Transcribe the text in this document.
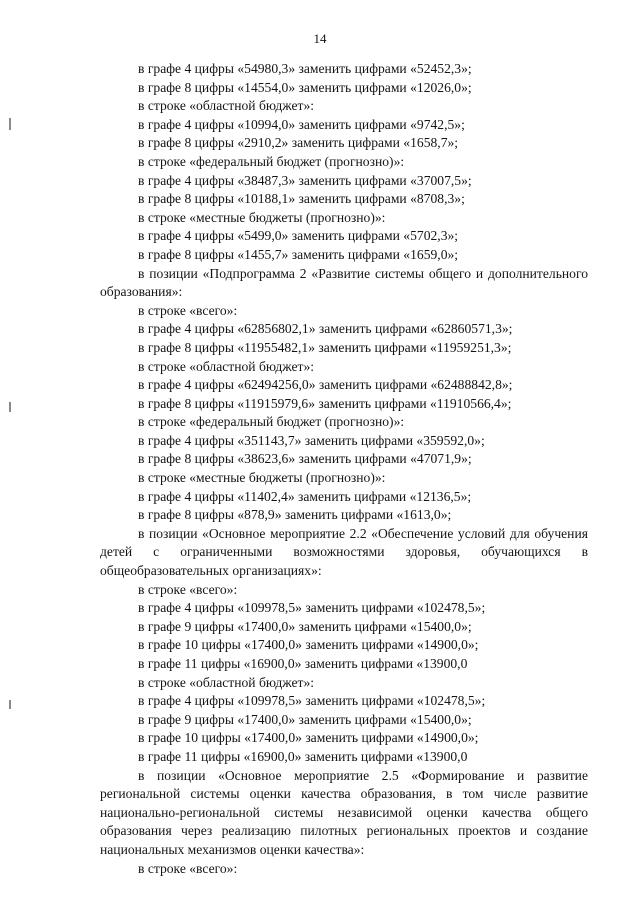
14

в графе 4 цифры «54980,3» заменить цифрами «52452,3»;

в графе 8 цифры «14554,0» заменить цифрами «12026,0»;

в строке «областной бюджет»:

в графе 4 цифры «10994,0» заменить цифрами «9742,5»;

в графе 8 цифры «2910,2» заменить цифрами «1658,7»;

в строке «федеральный бюджет (прогнозно)»:

в графе 4 цифры «38487,3» заменить цифрами «37007,5»;

в графе 8 цифры «10188,1» заменить цифрами «8708,3»;

в строке «местные бюджеты (прогнозно)»:

в графе 4 цифры «5499,0» заменить цифрами «5702,3»;

в графе 8 цифры «1455,7» заменить цифрами «1659,0»;

в позиции «Подпрограмма 2 «Развитие системы общего и дополнительного образования»:

в строке «всего»:

в графе 4 цифры «62856802,1» заменить цифрами «62860571,3»;

в графе 8 цифры «11955482,1» заменить цифрами «11959251,3»;

в строке «областной бюджет»:

в графе 4 цифры «62494256,0» заменить цифрами «62488842,8»;

в графе 8 цифры «11915979,6» заменить цифрами «11910566,4»;

в строке «федеральный бюджет (прогнозно)»:

в графе 4 цифры «351143,7» заменить цифрами «359592,0»;

в графе 8 цифры «38623,6» заменить цифрами «47071,9»;

в строке «местные бюджеты (прогнозно)»:

в графе 4 цифры «11402,4» заменить цифрами «12136,5»;

в графе 8 цифры «878,9» заменить цифрами «1613,0»;

в позиции «Основное мероприятие 2.2 «Обеспечение условий для обучения детей с ограниченными возможностями здоровья, обучающихся в общеобразовательных организациях»:

в строке «всего»:

в графе 4 цифры «109978,5» заменить цифрами «102478,5»;

в графе 9 цифры «17400,0» заменить цифрами «15400,0»;

в графе 10 цифры «17400,0» заменить цифрами «14900,0»;

в графе 11 цифры «16900,0» заменить цифрами «13900,0

в строке «областной бюджет»:

в графе 4 цифры «109978,5» заменить цифрами «102478,5»;

в графе 9 цифры «17400,0» заменить цифрами «15400,0»;

в графе 10 цифры «17400,0» заменить цифрами «14900,0»;

в графе 11 цифры «16900,0» заменить цифрами «13900,0

в позиции «Основное мероприятие 2.5 «Формирование и развитие региональной системы оценки качества образования, в том числе развитие национально-региональной системы независимой оценки качества общего образования через реализацию пилотных региональных проектов и создание национальных механизмов оценки качества»:

в строке «всего»:
